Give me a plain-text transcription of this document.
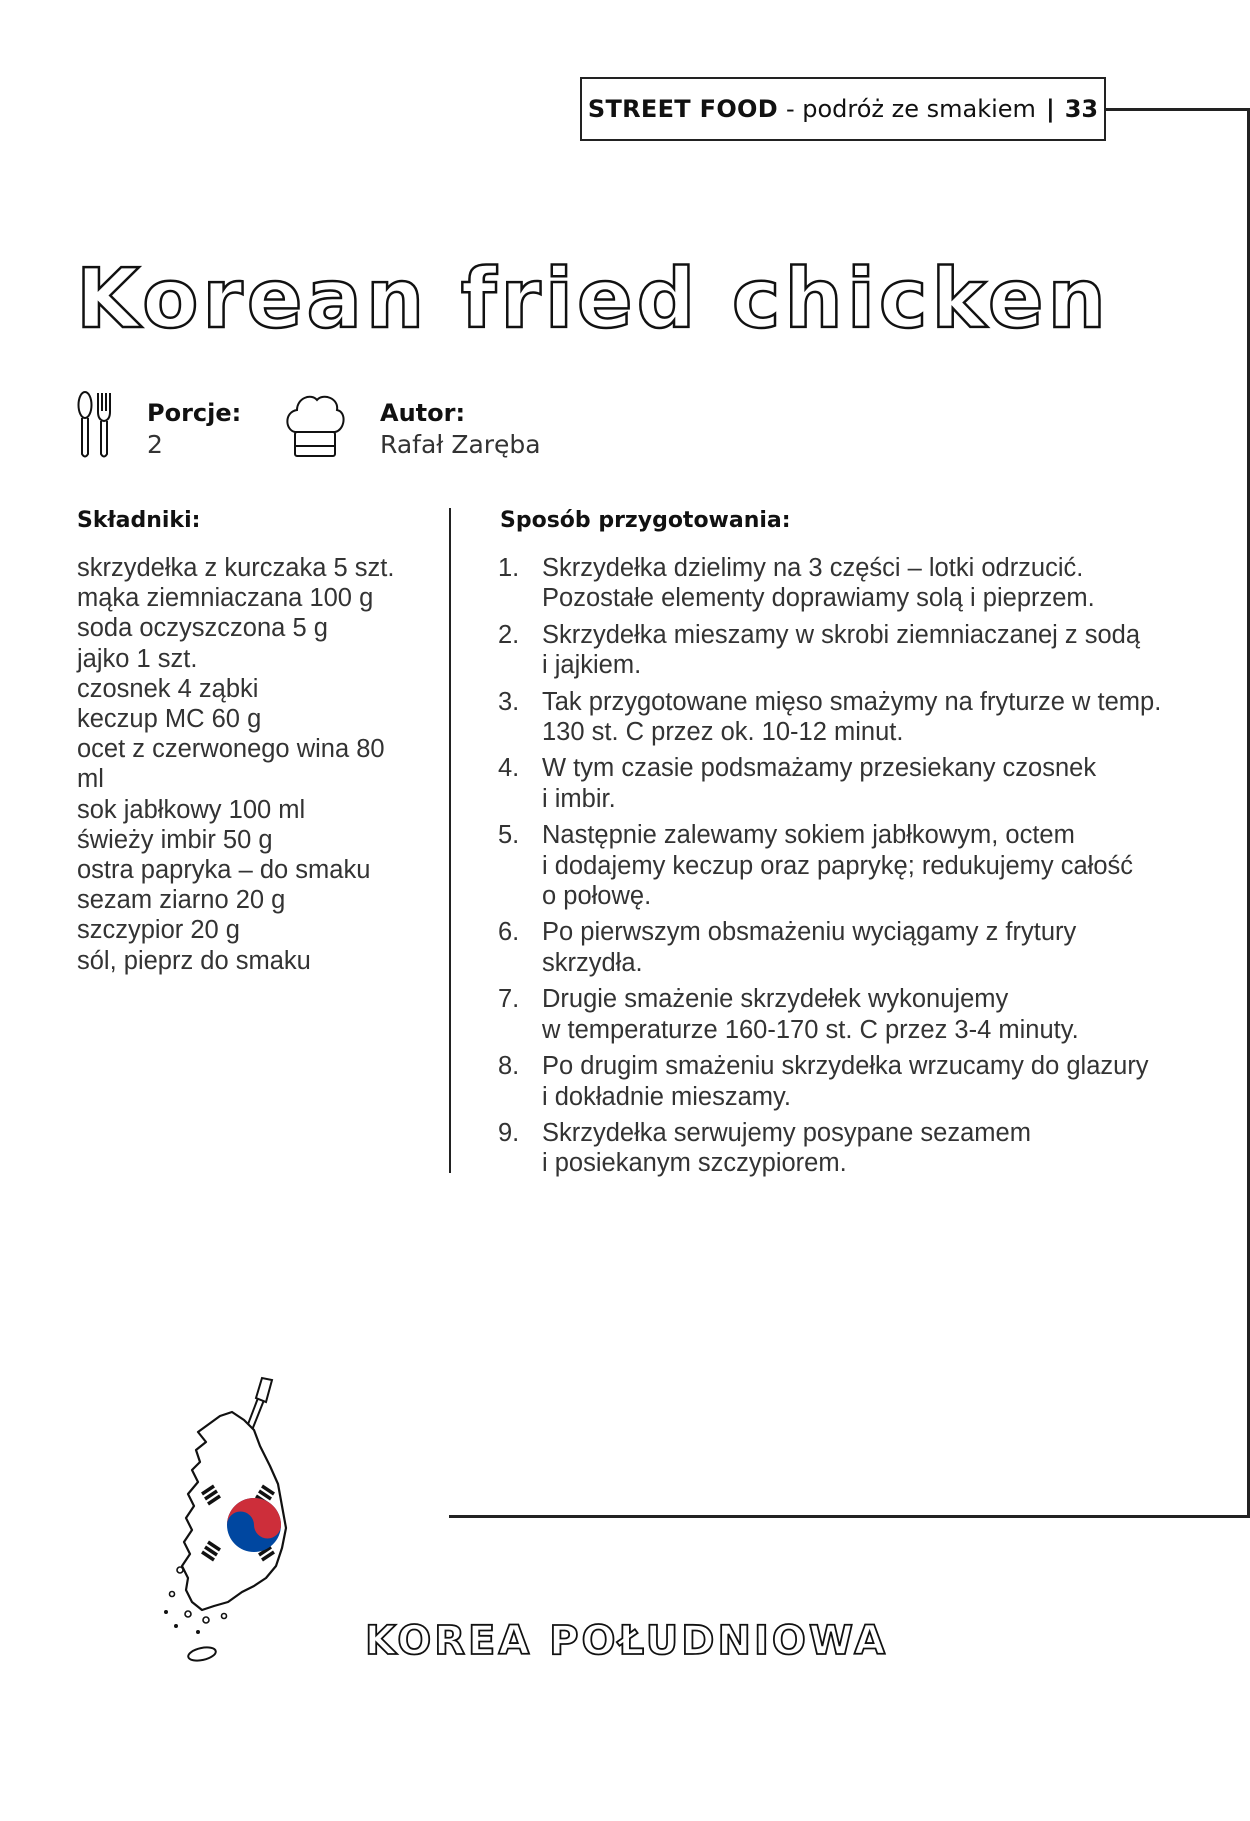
STREET FOOD - podróż ze smakiem | 33
Korean fried chicken
Porcje:
2
Autor:
Rafał Zaręba
Składniki:
skrzydełka z kurczaka 5 szt.
mąka ziemniaczana 100 g
soda oczyszczona 5 g
jajko 1 szt.
czosnek 4 ząbki
keczup MC 60 g
ocet z czerwonego wina 80
ml
sok jabłkowy 100 ml
świeży imbir 50 g
ostra papryka – do smaku
sezam ziarno 20 g
szczypior 20 g
sól, pieprz do smaku
Sposób przygotowania:
1. Skrzydełka dzielimy na 3 części – lotki odrzucić.
Pozostałe elementy doprawiamy solą i pieprzem.
2. Skrzydełka mieszamy w skrobi ziemniaczanej z sodą
i jajkiem.
3. Tak przygotowane mięso smażymy na fryturze w temp.
130 st. C przez ok. 10-12 minut.
4. W tym czasie podsmażamy przesiekany czosnek
i imbir.
5. Następnie zalewamy sokiem jabłkowym, octem
i dodajemy keczup oraz paprykę; redukujemy całość
o połowę.
6. Po pierwszym obsmażeniu wyciągamy z frytury
skrzydła.
7. Drugie smażenie skrzydełek wykonujemy
w temperaturze 160-170 st. C przez 3-4 minuty.
8. Po drugim smażeniu skrzydełka wrzucamy do glazury
i dokładnie mieszamy.
9. Skrzydełka serwujemy posypane sezamem
i posiekanym szczypiorem.
KOREA POŁUDNIOWA
